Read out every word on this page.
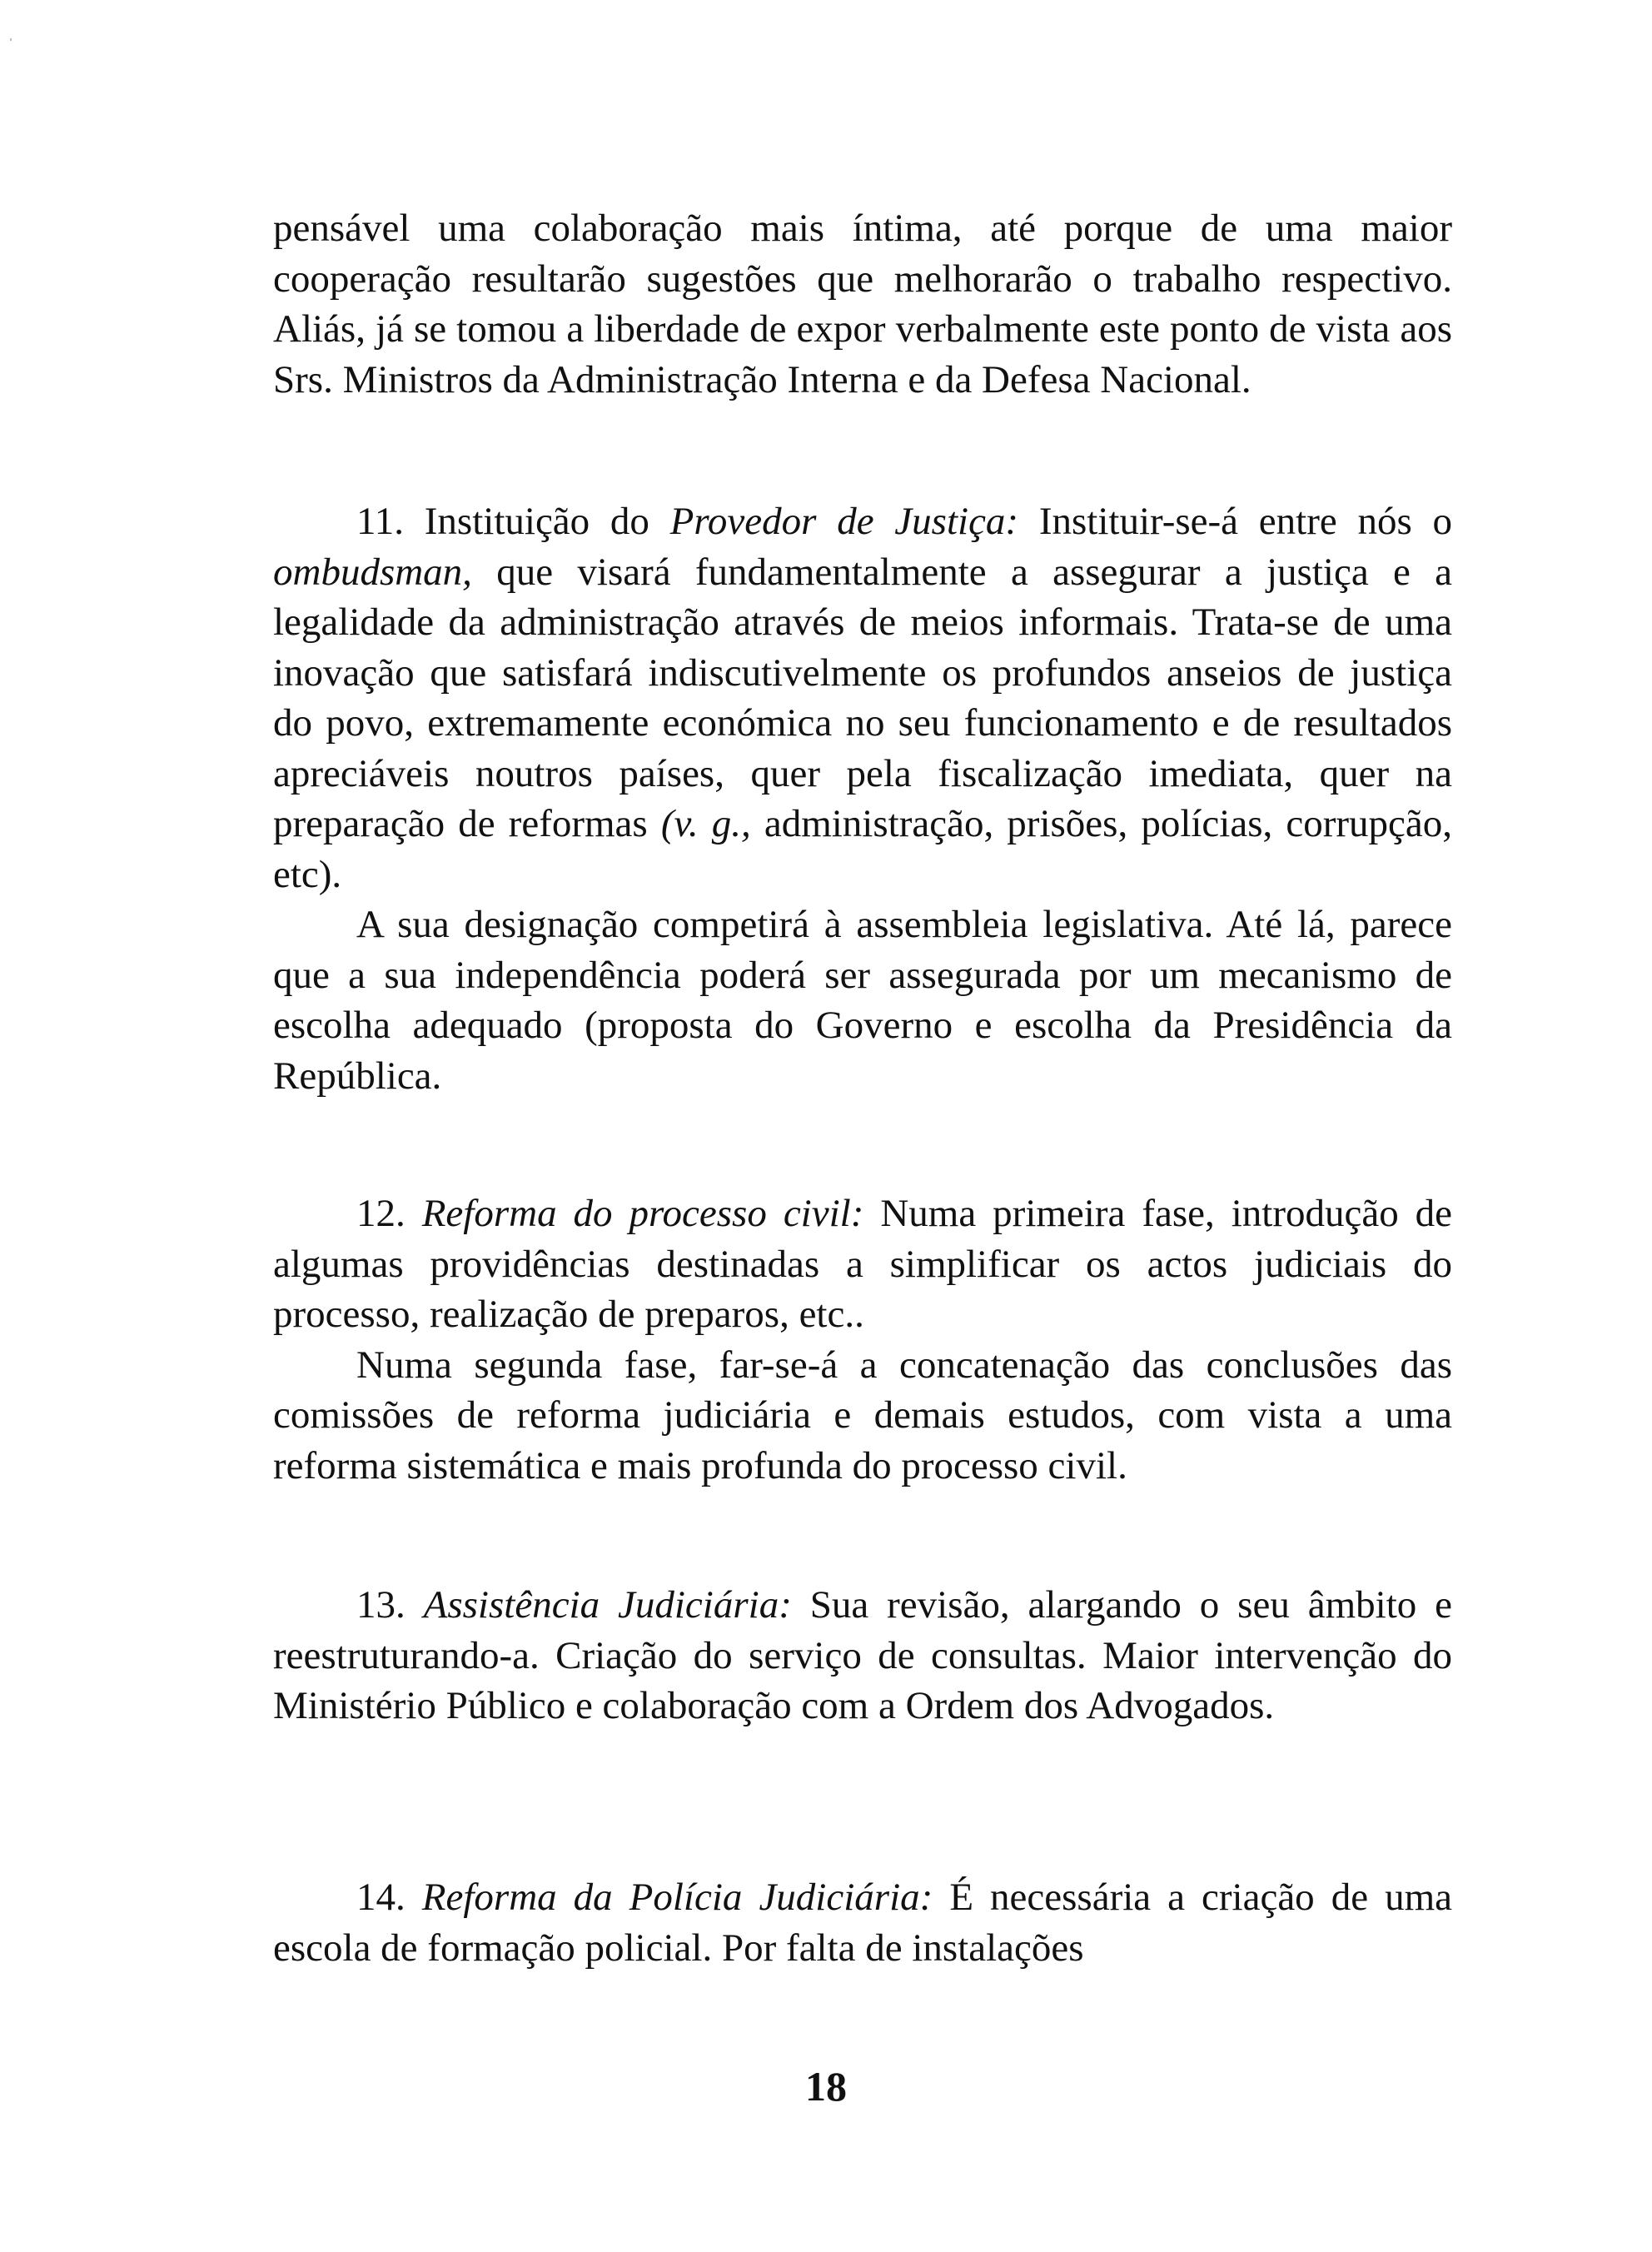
pensável uma colaboração mais íntima, até porque de uma maior cooperação resultarão sugestões que melhorarão o trabalho respectivo. Aliás, já se tomou a liberdade de expor verbalmente este ponto de vista aos Srs. Ministros da Administração Interna e da Defesa Nacional.

11. Instituição do Provedor de Justiça: Instituir-se-á entre nós o ombudsman, que visará fundamentalmente a assegurar a justiça e a legalidade da administração através de meios informais. Trata-se de uma inovação que satisfará indiscutivelmente os profundos anseios de justiça do povo, extremamente económica no seu funcionamento e de resultados apreciáveis noutros países, quer pela fiscalização imediata, quer na preparação de reformas (v. g., administração, prisões, polícias, corrupção, etc).

A sua designação competirá à assembleia legislativa. Até lá, parece que a sua independência poderá ser assegurada por um mecanismo de escolha adequado (proposta do Governo e escolha da Presidência da República.

12. Reforma do processo civil: Numa primeira fase, introdução de algumas providências destinadas a simplificar os actos judiciais do processo, realização de preparos, etc..

Numa segunda fase, far-se-á a concatenação das conclusões das comissões de reforma judiciária e demais estudos, com vista a uma reforma sistemática e mais profunda do processo civil.

13. Assistência Judiciária: Sua revisão, alargando o seu âmbito e reestruturando-a. Criação do serviço de consultas. Maior intervenção do Ministério Público e colaboração com a Ordem dos Advogados.

14. Reforma da Polícia Judiciária: É necessária a criação de uma escola de formação policial. Por falta de instalações

18
